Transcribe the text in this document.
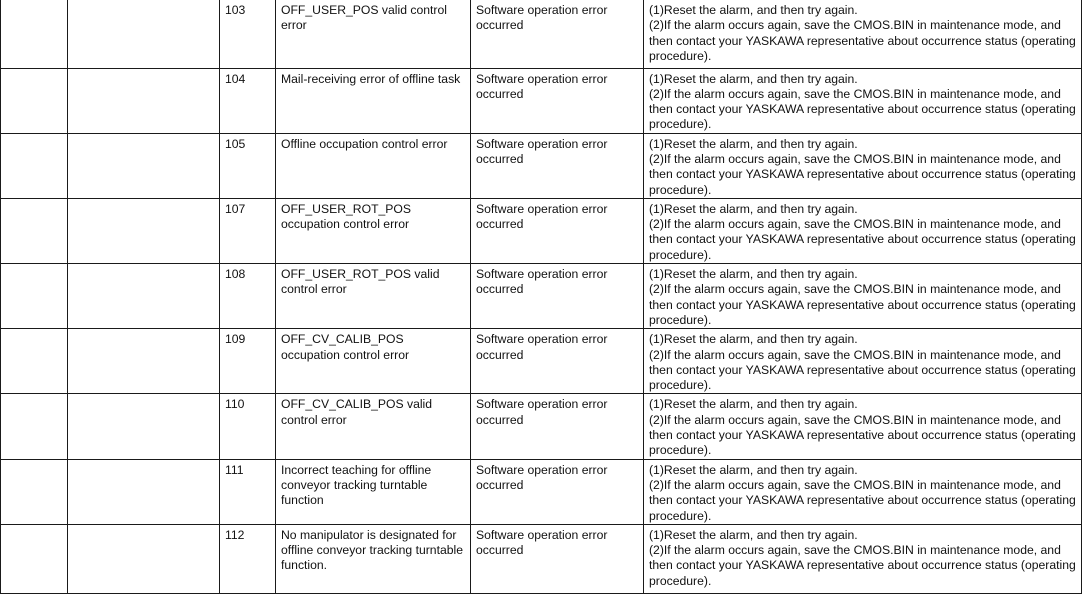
		103	OFF_USER_POS valid control error	Software operation error occurred	(1)Reset the alarm, and then try again.
(2)If the alarm occurs again, save the CMOS.BIN in maintenance mode, and then contact your YASKAWA representative about occurrence status (operating procedure).

		104	Mail-receiving error of offline task	Software operation error occurred	(1)Reset the alarm, and then try again.
(2)If the alarm occurs again, save the CMOS.BIN in maintenance mode, and then contact your YASKAWA representative about occurrence status (operating procedure).

		105	Offline occupation control error	Software operation error occurred	(1)Reset the alarm, and then try again.
(2)If the alarm occurs again, save the CMOS.BIN in maintenance mode, and then contact your YASKAWA representative about occurrence status (operating procedure).

		107	OFF_USER_ROT_POS occupation control error	Software operation error occurred	(1)Reset the alarm, and then try again.
(2)If the alarm occurs again, save the CMOS.BIN in maintenance mode, and then contact your YASKAWA representative about occurrence status (operating procedure).

		108	OFF_USER_ROT_POS valid control error	Software operation error occurred	(1)Reset the alarm, and then try again.
(2)If the alarm occurs again, save the CMOS.BIN in maintenance mode, and then contact your YASKAWA representative about occurrence status (operating procedure).

		109	OFF_CV_CALIB_POS occupation control error	Software operation error occurred	(1)Reset the alarm, and then try again.
(2)If the alarm occurs again, save the CMOS.BIN in maintenance mode, and then contact your YASKAWA representative about occurrence status (operating procedure).

		110	OFF_CV_CALIB_POS valid control error	Software operation error occurred	(1)Reset the alarm, and then try again.
(2)If the alarm occurs again, save the CMOS.BIN in maintenance mode, and then contact your YASKAWA representative about occurrence status (operating procedure).

		111	Incorrect teaching for offline conveyor tracking turntable function	Software operation error occurred	(1)Reset the alarm, and then try again.
(2)If the alarm occurs again, save the CMOS.BIN in maintenance mode, and then contact your YASKAWA representative about occurrence status (operating procedure).

		112	No manipulator is designated for offline conveyor tracking turntable function.	Software operation error occurred	(1)Reset the alarm, and then try again.
(2)If the alarm occurs again, save the CMOS.BIN in maintenance mode, and then contact your YASKAWA representative about occurrence status (operating procedure).
